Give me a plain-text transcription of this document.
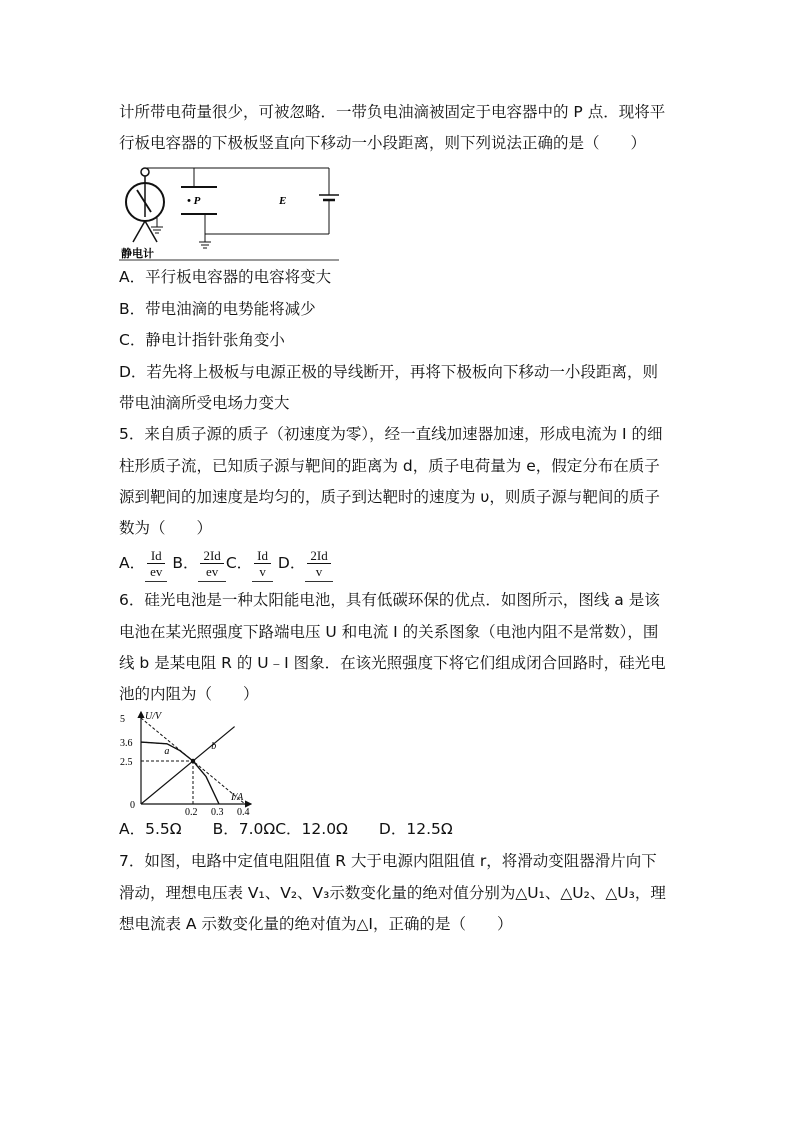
计所带电荷量很少，可被忽略．一带负电油滴被固定于电容器中的 P 点．现将平
行板电容器的下极板竖直向下移动一小段距离，则下列说法正确的是（　　）
• P	E
静电计
A．平行板电容器的电容将变大
B．带电油滴的电势能将减少
C．静电计指针张角变小
D．若先将上极板与电源正极的导线断开，再将下极板向下移动一小段距离，则
带电油滴所受电场力变大
5．来自质子源的质子（初速度为零），经一直线加速器加速，形成电流为 I 的细
柱形质子流，已知质子源与靶间的距离为 d，质子电荷量为 e，假定分布在质子
源到靶间的加速度是均匀的，质子到达靶时的速度为 υ，则质子源与靶间的质子
数为（　　）
A． $\frac{Id}{ev}$ B． $\frac{2Id}{ev}$ C． $\frac{Id}{v}$ D． $\frac{2Id}{v}$
6．硅光电池是一种太阳能电池，具有低碳环保的优点．如图所示，图线 a 是该
电池在某光照强度下路端电压 U 和电流 I 的关系图象（电池内阻不是常数），围
线 b 是某电阻 R 的 U﹣I 图象．在该光照强度下将它们组成闭合回路时，硅光电
池的内阻为（　　）
U/V
I/A
0
2.5
3.6
5
0.2 0.3 0.4
a	b
A．5.5Ω　　B．7.0ΩC．12.0Ω　　D．12.5Ω
7．如图，电路中定值电阻阻值 R 大于电源内阻阻值 r，将滑动变阻器滑片向下
滑动，理想电压表 V₁、V₂、V₃示数变化量的绝对值分别为△U₁、△U₂、△U₃，理
想电流表 A 示数变化量的绝对值为△I，正确的是（　　）
